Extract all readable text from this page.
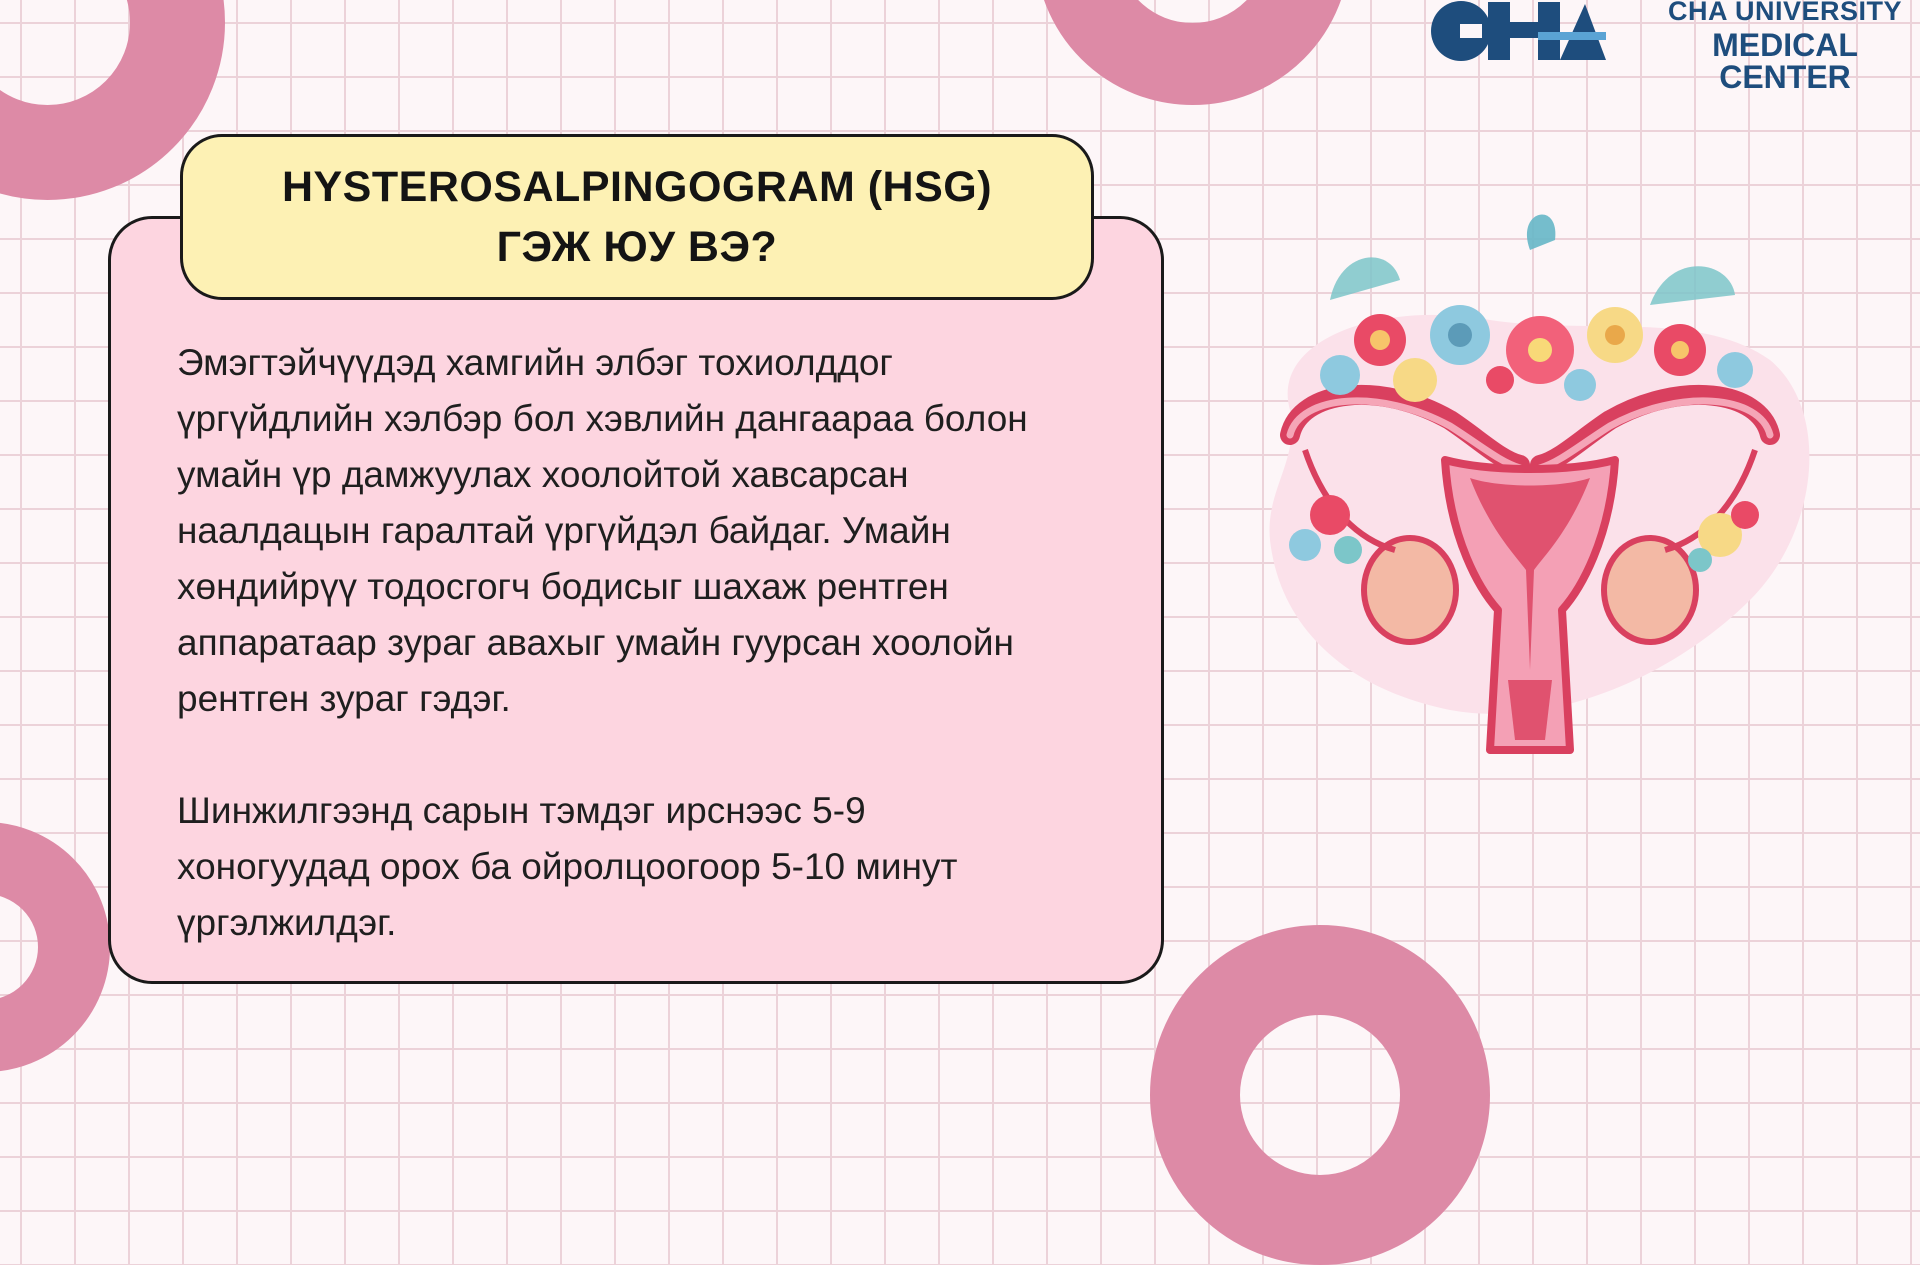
CHA UNIVERSITY
MEDICAL CENTER

Эмэгтэйчүүдэд хамгийн элбэг тохиолддог
үргүйдлийн хэлбэр бол хэвлийн дангаараа болон
умайн үр дамжуулах хоолойтой хавсарсан
наалдацын гаралтай үргүйдэл байдаг. Умайн
хөндийрүү тодосгогч бодисыг шахаж рентген
аппаратаар зураг авахыг умайн гуурсан хоолойн
рентген зураг гэдэг.

Шинжилгээнд сарын тэмдэг ирснээс 5-9
хоногуудад орох ба ойролцоогоор 5-10 минут
үргэлжилдэг.

HYSTEROSALPINGOGRAM (HSG)
ГЭЖ ЮУ ВЭ?
